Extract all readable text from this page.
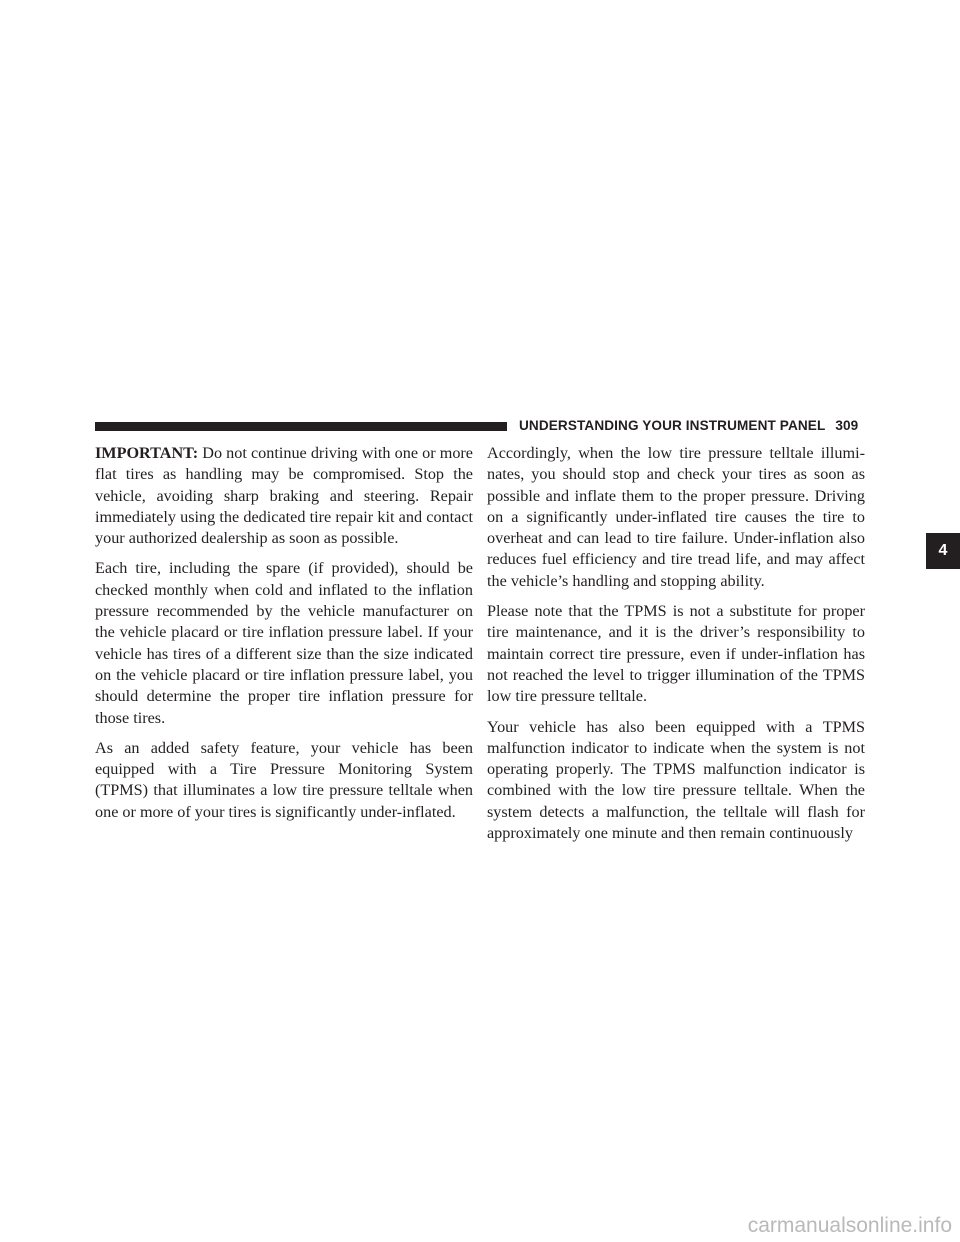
UNDERSTANDING YOUR INSTRUMENT PANEL 309

IMPORTANT: Do not continue driving with one or more flat tires as handling may be compromised. Stop the vehicle, avoiding sharp braking and steering. Repair immediately using the dedicated tire repair kit and contact your authorized dealership as soon as possible.

Each tire, including the spare (if provided), should be checked monthly when cold and inflated to the inflation pressure recommended by the vehicle manufacturer on the vehicle placard or tire inflation pressure label. If your vehicle has tires of a different size than the size indicated on the vehicle placard or tire inflation pressure label, you should determine the proper tire inflation pressure for those tires.

As an added safety feature, your vehicle has been equipped with a Tire Pressure Monitoring System (TPMS) that illuminates a low tire pressure telltale when one or more of your tires is significantly under-inflated.

Accordingly, when the low tire pressure telltale illuminates, you should stop and check your tires as soon as possible and inflate them to the proper pressure. Driving on a significantly under-inflated tire causes the tire to overheat and can lead to tire failure. Under-inflation also reduces fuel efficiency and tire tread life, and may affect the vehicle’s handling and stopping ability.

Please note that the TPMS is not a substitute for proper tire maintenance, and it is the driver’s responsibility to maintain correct tire pressure, even if under-inflation has not reached the level to trigger illumination of the TPMS low tire pressure telltale.

Your vehicle has also been equipped with a TPMS malfunction indicator to indicate when the system is not operating properly. The TPMS malfunction indicator is combined with the low tire pressure telltale. When the system detects a malfunction, the telltale will flash for approximately one minute and then remain continuously

4
carmanualsonline.info
